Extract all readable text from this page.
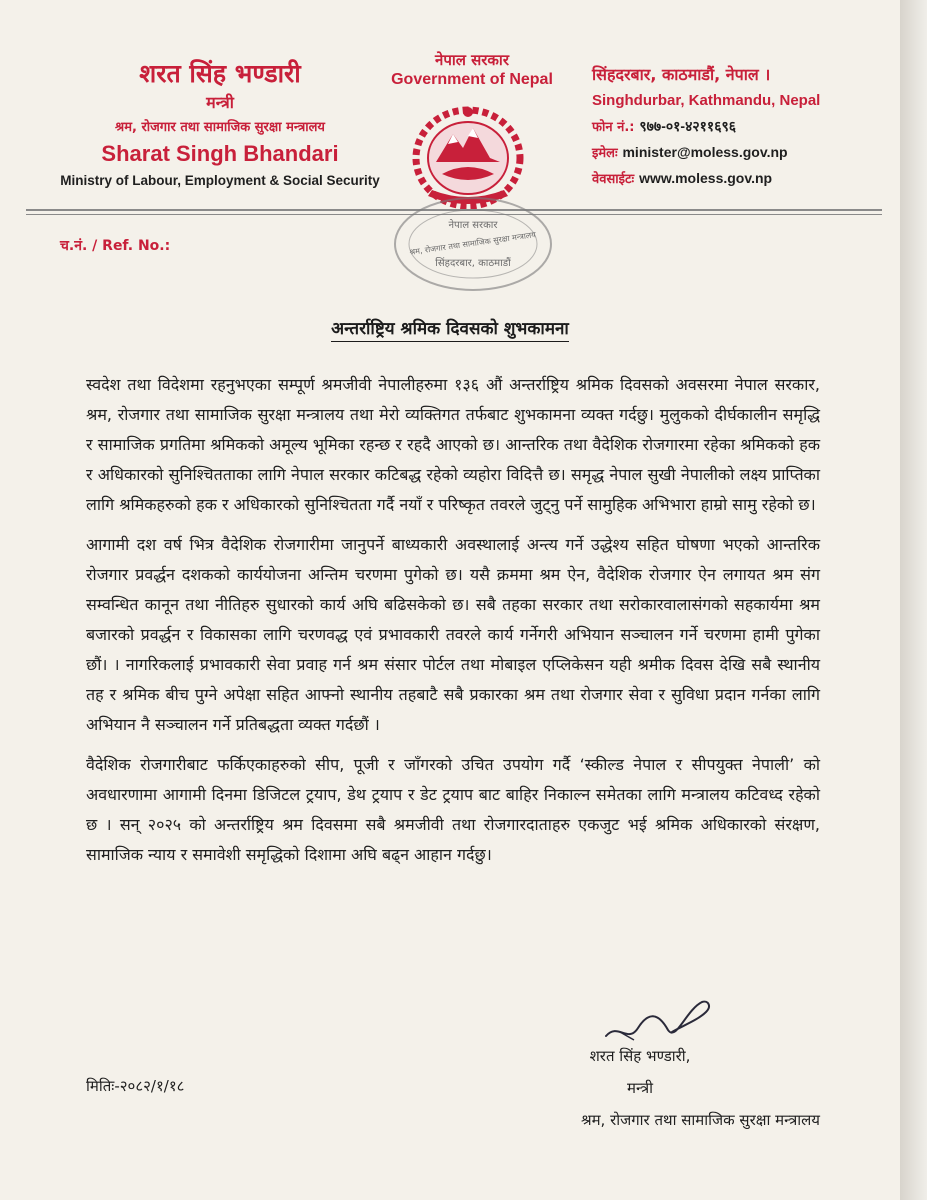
शरत सिंह भण्डारी
मन्त्री
श्रम, रोजगार तथा सामाजिक सुरक्षा मन्त्रालय
Sharat Singh Bhandari
Ministry of Labour, Employment & Social Security
नेपाल सरकार
Government of Nepal	सिंहदरबार, काठमाडौं, नेपाल ।
Singhdurbar, Kathmandu, Nepal
फोन नं.: ९७७-०१-४२११६९६
इमेलः minister@moless.gov.np
वेवसाईटः www.moless.gov.np
च.नं. / Ref. No.:
नेपाल सरकार
श्रम, रोजगार तथा सामाजिक सुरक्षा मन्त्रालय
सिंहदरबार, काठमाडौं
अन्तर्राष्ट्रिय श्रमिक दिवसको शुभकामना

स्वदेश तथा विदेशमा रहनुभएका सम्पूर्ण श्रमजीवी नेपालीहरुमा १३६ औं अन्तर्राष्ट्रिय श्रमिक दिवसको अवसरमा नेपाल सरकार, श्रम, रोजगार तथा सामाजिक सुरक्षा मन्त्रालय तथा मेरो व्यक्तिगत तर्फबाट शुभकामना व्यक्त गर्दछु। मुलुकको दीर्घकालीन समृद्धि र सामाजिक प्रगतिमा श्रमिकको अमूल्य भूमिका रहन्छ र रहदै आएको छ। आन्तरिक तथा वैदेशिक रोजगारमा रहेका श्रमिकको हक र अधिकारको सुनिश्चितताका लागि नेपाल सरकार कटिबद्ध रहेको व्यहोरा विदित्तै छ। समृद्ध नेपाल सुखी नेपालीको लक्ष्य प्राप्तिका लागि श्रमिकहरुको हक र अधिकारको सुनिश्चितता गर्दै नयाँ र परिष्कृत तवरले जुट्नु पर्ने सामुहिक अभिभारा हाम्रो सामु रहेको छ।

आगामी दश वर्ष भित्र वैदेशिक रोजगारीमा जानुपर्ने बाध्यकारी अवस्थालाई अन्त्य गर्ने उद्धेश्य सहित घोषणा भएको आन्तरिक रोजगार प्रवर्द्धन दशकको कार्ययोजना अन्तिम चरणमा पुगेको छ। यसै क्रममा श्रम ऐन, वैदेशिक रोजगार ऐन लगायत श्रम संग सम्वन्धित कानून तथा नीतिहरु सुधारको कार्य अघि बढिसकेको छ। सबै तहका सरकार तथा सरोकारवालासंगको सहकार्यमा श्रम बजारको प्रवर्द्धन र विकासका लागि चरणवद्ध एवं प्रभावकारी तवरले कार्य गर्नेगरी अभियान सञ्चालन गर्ने चरणमा हामी पुगेका छौं। । नागरिकलाई प्रभावकारी सेवा प्रवाह गर्न श्रम संसार पोर्टल तथा मोबाइल एप्लिकेसन यही श्रमीक दिवस देखि सबै स्थानीय तह र श्रमिक बीच पुग्ने अपेक्षा सहित आफ्नो स्थानीय तहबाटै सबै प्रकारका श्रम तथा रोजगार सेवा र सुविधा प्रदान गर्नका लागि अभियान नै सञ्चालन गर्ने प्रतिबद्धता व्यक्त गर्दछौं ।

वैदेशिक रोजगारीबाट फर्किएकाहरुको सीप, पूजी र जाँगरको उचित उपयोग गर्दै ‘स्कील्ड नेपाल र सीपयुक्त नेपाली’ को अवधारणामा आगामी दिनमा डिजिटल ट्रयाप, डेथ ट्रयाप र डेट ट्रयाप बाट बाहिर निकाल्न समेतका लागि मन्त्रालय कटिवध्द रहेको छ । सन् २०२५ को अन्तर्राष्ट्रिय श्रम दिवसमा सबै श्रमजीवी तथा रोजगारदाताहरु एकजुट भई श्रमिक अधिकारको संरक्षण, सामाजिक न्याय र समावेशी समृद्धिको दिशामा अघि बढ्न आहान गर्दछु।

शरत सिंह भण्डारी,
मन्त्री
श्रम, रोजगार तथा सामाजिक सुरक्षा मन्त्रालय
मितिः-२०८२/१/१८
